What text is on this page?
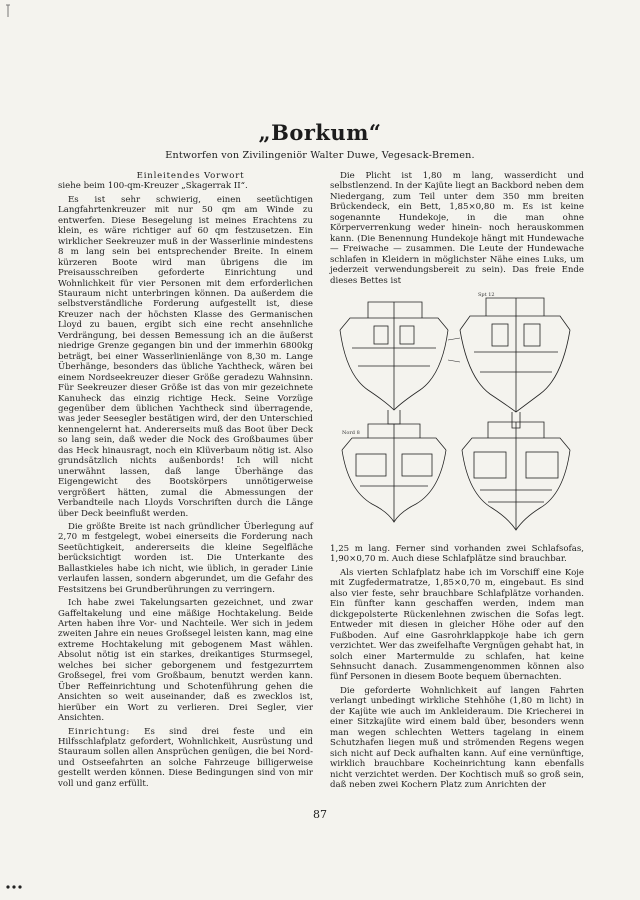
„Borkum“
Entworfen von Zivilingeniör Walter Duwe, Vegesack-Bremen.

Einleitendes Vorwort

siehe beim 100-qm-Kreuzer „Skagerrak II“.

Es ist sehr schwierig, einen seetüchtigen Langfahrtenkreuzer mit nur 50 qm am Winde zu entwerfen. Diese Besegelung ist meines Erachtens zu klein, es wäre richtiger auf 60 qm festzusetzen. Ein wirklicher Seekreuzer muß in der Wasserlinie mindestens 8 m lang sein bei entsprechender Breite. In einem kürzeren Boote wird man übrigens die im Preisausschreiben geforderte Einrichtung und Wohnlichkeit für vier Personen mit dem erforderlichen Stauraum nicht unterbringen können. Da außerdem die selbstverständliche Forderung aufgestellt ist, diese Kreuzer nach der höchsten Klasse des Germanischen Lloyd zu bauen, ergibt sich eine recht ansehnliche Verdrängung, bei dessen Bemessung ich an die äußerst niedrige Grenze gegangen bin und der immerhin 6800kg beträgt, bei einer Wasserlinienlänge von 8,30 m. Lange Überhänge, besonders das übliche Yachtheck, wären bei einem Nordseekreuzer dieser Größe geradezu Wahnsinn. Für Seekreuzer dieser Größe ist das von mir gezeichnete Kanuheck das einzig richtige Heck. Seine Vorzüge gegenüber dem üblichen Yachtheck sind überragende, was jeder Seesegler bestätigen wird, der den Unterschied kennengelernt hat. Andererseits muß das Boot über Deck so lang sein, daß weder die Nock des Großbaumes über das Heck hinausragt, noch ein Klüverbaum nötig ist. Also grundsätzlich nichts außenbords! Ich will nicht unerwähnt lassen, daß lange Überhänge das Eigengewicht des Bootskörpers unnötigerweise vergrößert hätten, zumal die Abmessungen der Verbandteile nach Lloyds Vorschriften durch die Länge über Deck beeinflußt werden.

Die größte Breite ist nach gründlicher Überlegung auf 2,70 m festgelegt, wobei einerseits die Forderung nach Seetüchtigkeit, andererseits die kleine Segelfläche berücksichtigt worden ist. Die Unterkante des Ballastkieles habe ich nicht, wie üblich, in gerader Linie verlaufen lassen, sondern abgerundet, um die Gefahr des Festsitzens bei Grundberührungen zu verringern.

Ich habe zwei Takelungsarten gezeichnet, und zwar Gaffeltakelung und eine mäßige Hochtakelung. Beide Arten haben ihre Vor- und Nachteile. Wer sich in jedem zweiten Jahre ein neues Großsegel leisten kann, mag eine extreme Hochtakelung mit gebogenem Mast wählen. Absolut nötig ist ein starkes, dreikantiges Sturmsegel, welches bei sicher geborgenem und festgezurrtem Großsegel, frei vom Großbaum, benutzt werden kann. Über Reffeinrichtung und Schotenführung gehen die Ansichten so weit auseinander, daß es zwecklos ist, hierüber ein Wort zu verlieren. Drei Segler, vier Ansichten.

Einrichtung: Es sind drei feste und ein Hilfsschlafplatz gefordert, Wohnlichkeit, Ausrüstung und Stauraum sollen allen Ansprüchen genügen, die bei Nord- und Ostseefahrten an solche Fahrzeuge billigerweise gestellt werden können. Diese Bedingungen sind von mir voll und ganz erfüllt.

Die Plicht ist 1,80 m lang, wasserdicht und selbstlenzend. In der Kajüte liegt an Backbord neben dem Niedergang, zum Teil unter dem 350 mm breiten Brückendeck, ein Bett, 1,85×0,80 m. Es ist keine sogenannte Hundekoje, in die man ohne Körperverrenkung weder hinein- noch herauskommen kann. (Die Benennung Hundekoje hängt mit Hundewache — Freiwache — zusammen. Die Leute der Hundewache schlafen in Kleidern in möglichster Nähe eines Luks, um jederzeit verwendungsbereit zu sein). Das freie Ende dieses Bettes ist

Spt 12
Nord 8

1,25 m lang. Ferner sind vorhanden zwei Schlafsofas, 1,90×0,70 m. Auch diese Schlafplätze sind brauchbar.

Als vierten Schlafplatz habe ich im Vorschiff eine Koje mit Zugfedermatratze, 1,85×0,70 m, eingebaut. Es sind also vier feste, sehr brauchbare Schlafplätze vorhanden. Ein fünfter kann geschaffen werden, indem man dickgepolsterte Rückenlehnen zwischen die Sofas legt. Entweder mit diesen in gleicher Höhe oder auf den Fußboden. Auf eine Gasrohrklappkoje habe ich gern verzichtet. Wer das zweifelhafte Vergnügen gehabt hat, in solch einer Martermulde zu schlafen, hat keine Sehnsucht danach. Zusammengenommen können also fünf Personen in diesem Boote bequem übernachten.

Die geforderte Wohnlichkeit auf langen Fahrten verlangt unbedingt wirkliche Stehhöhe (1,80 m licht) in der Kajüte wie auch im Ankleideraum. Die Kriecherei in einer Sitzkajüte wird einem bald über, besonders wenn man wegen schlechten Wetters tagelang in einem Schutzhafen liegen muß und strömenden Regens wegen sich nicht auf Deck aufhalten kann. Auf eine vernünftige, wirklich brauchbare Kocheinrichtung kann ebenfalls nicht verzichtet werden. Der Kochtisch muß so groß sein, daß neben zwei Kochern Platz zum Anrichten der

87
